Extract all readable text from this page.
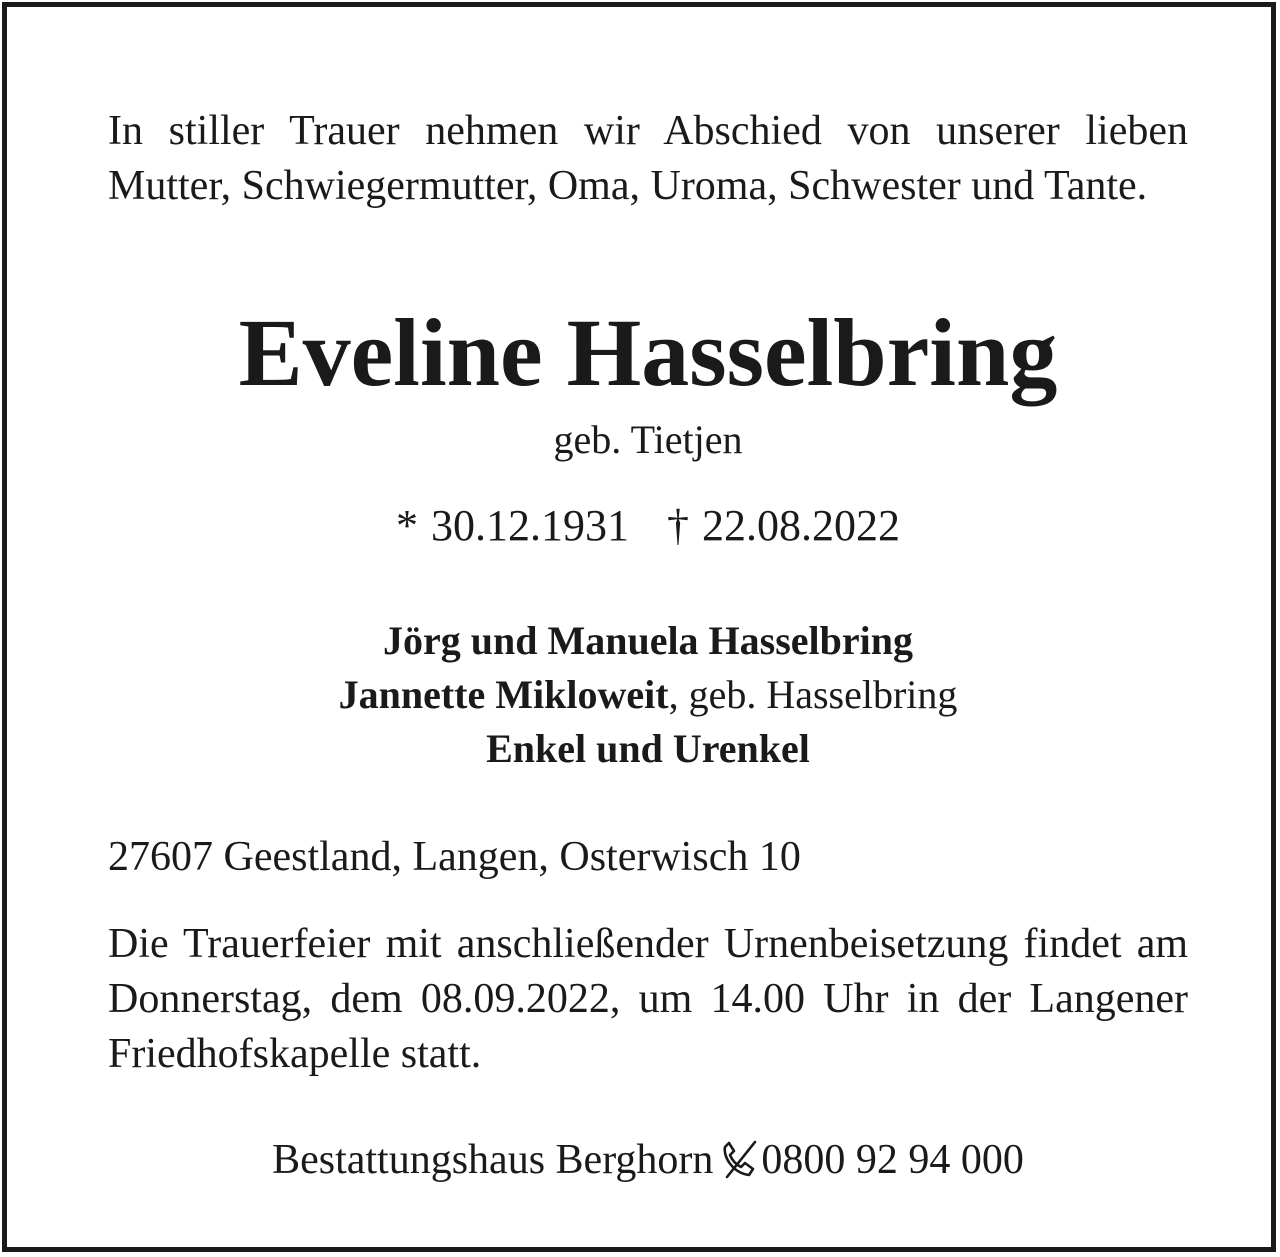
In stiller Trauer nehmen wir Abschied von unserer lieben Mutter, Schwiegermutter, Oma, Uroma, Schwester und Tante.
Eveline Hasselbring
geb. Tietjen
* 30.12.1931 † 22.08.2022
Jörg und Manuela Hasselbring
Jannette Mikloweit, geb. Hasselbring
Enkel und Urenkel
27607 Geestland, Langen, Osterwisch 10
Die Trauerfeier mit anschließender Urnenbeisetzung findet am Donnerstag, dem 08.09.2022, um 14.00 Uhr in der Langener Friedhofskapelle statt.
Bestattungshaus Berghorn 0800 92 94 000
